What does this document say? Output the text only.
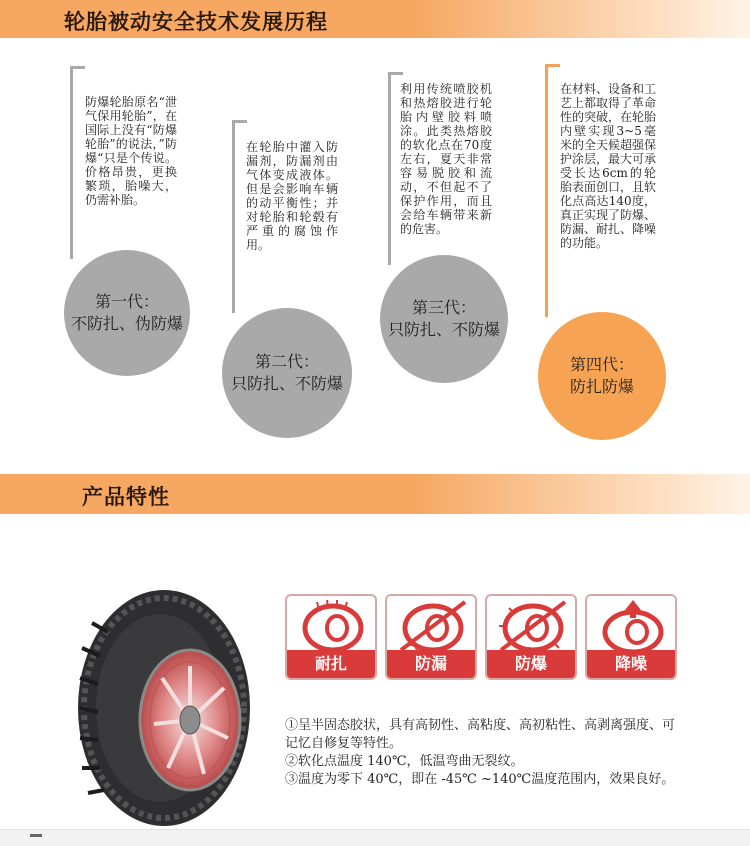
轮胎被动安全技术发展历程
防爆轮胎原名“泄气保用轮胎”，在国际上没有“防爆轮胎”的说法，”防爆“只是个传说。价格昂贵，更换繁琐，胎噪大，仍需补胎。
第一代：
不防扎、伪防爆
在轮胎中灌入防漏剂，防漏剂由气体变成液体。但是会影响车辆的动平衡性；并对轮胎和轮毂有严重的腐蚀作用。
第二代：
只防扎、不防爆
利用传统喷胶机和热熔胶进行轮胎内壁胶料喷涂。此类热熔胶的软化点在70度左右，夏天非常容易脱胶和流动，不但起不了保护作用，而且会给车辆带来新的危害。
第三代：
只防扎、不防爆
在材料、设备和工艺上都取得了革命性的突破，在轮胎内壁实现3~5毫米的全天候超强保护涂层，最大可承受长达6cm的轮胎表面创口，且软化点高达140度，真正实现了防爆、防漏、耐扎、降噪的功能。
第四代：
防扎防爆
产品特性
耐扎	防漏	防爆	降噪

①呈半固态胶状，具有高韧性、高粘度、高初粘性、高剥离强度、可记忆自修复等特性。

②软化点温度 140℃，低温弯曲无裂纹。

③温度为零下 40℃，即在 -45℃ ~140℃温度范围内，效果良好。
